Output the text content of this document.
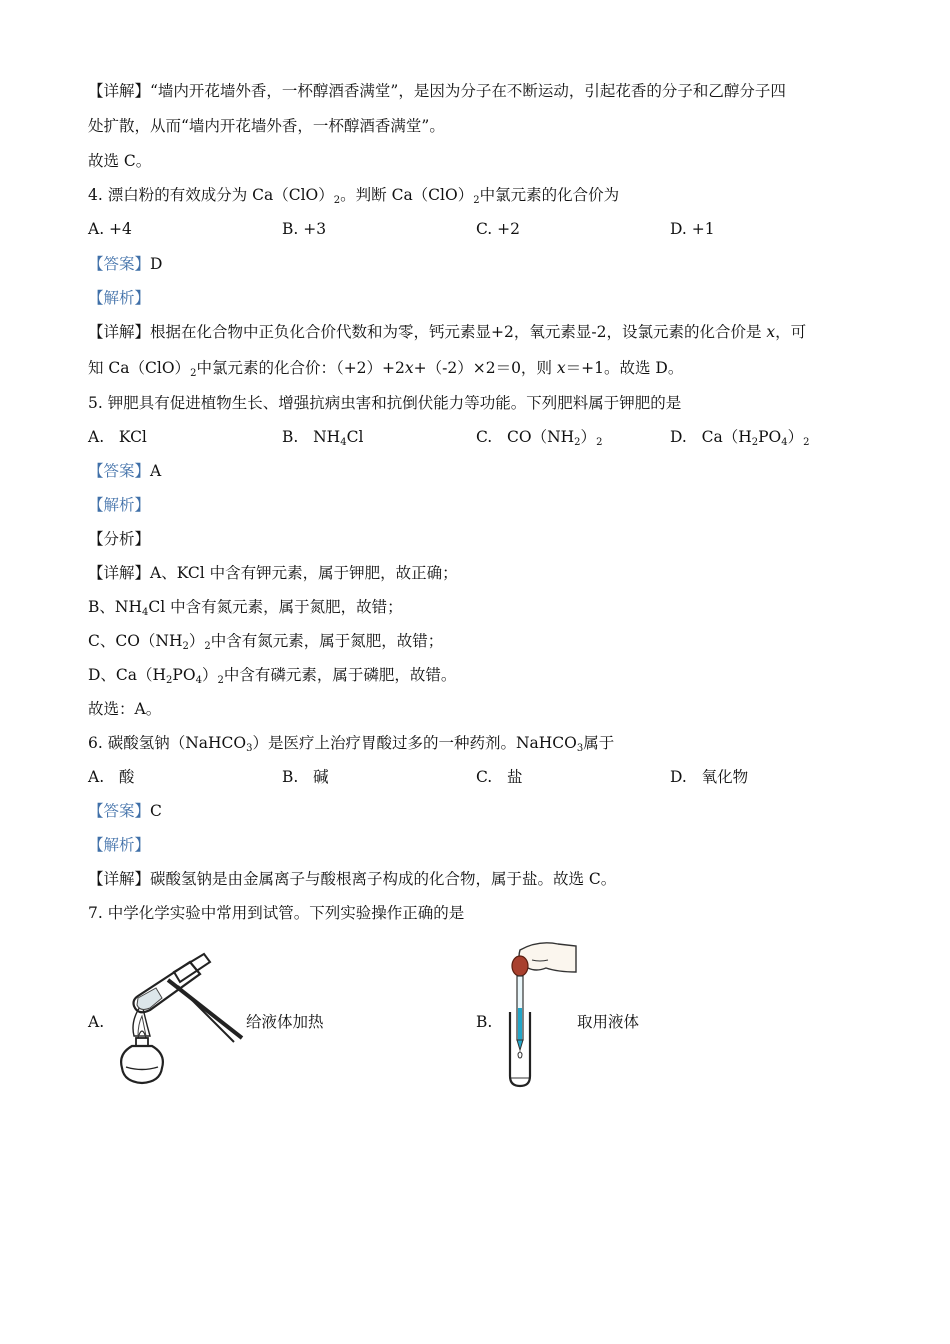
【详解】“墙内开花墙外香，一杯醇酒香满堂”，是因为分子在不断运动，引起花香的分子和乙醇分子四
处扩散，从而“墙内开花墙外香，一杯醇酒香满堂”。
故选 C。
4. 漂白粉的有效成分为 $Ca(ClO)_2$。判断 $Ca(ClO)_2$中氯元素的化合价为
A. +4	B. +3	C. +2	D. +1
【答案】D
【解析】
【详解】根据在化合物中正负化合价代数和为零，钙元素显+2，氧元素显-2，设氯元素的化合价是 x，可
知 $Ca(ClO)_2$中氯元素的化合价：（+2）+2x+（-2）×2＝0，则 x＝+1。故选 D。
5. 钾肥具有促进植物生长、增强抗病虫害和抗倒伏能力等功能。下列肥料属于钾肥的是
A. KCl	B. $NH_4Cl$	C. $CO(NH_2)_2$	D. $Ca(H_2PO_4)_2$
【答案】A
【解析】
【分析】
【详解】A、KCl 中含有钾元素，属于钾肥，故正确；
B、$NH_4Cl$ 中含有氮元素，属于氮肥，故错；
C、$CO(NH_2)_2$中含有氮元素，属于氮肥，故错；
D、$Ca(H_2PO_4)_2$中含有磷元素，属于磷肥，故错。
故选：A。
6. 碳酸氢钠（NaHCO$_3$）是医疗上治疗胃酸过多的一种药剂。NaHCO$_3$属于
A. 酸	B. 碱	C. 盐	D. 氧化物
【答案】C
【解析】
【详解】碳酸氢钠是由金属离子与酸根离子构成的化合物，属于盐。故选 C。
7. 中学化学实验中常用到试管。下列实验操作正确的是
A.	给液体加热	B.	取用液体
